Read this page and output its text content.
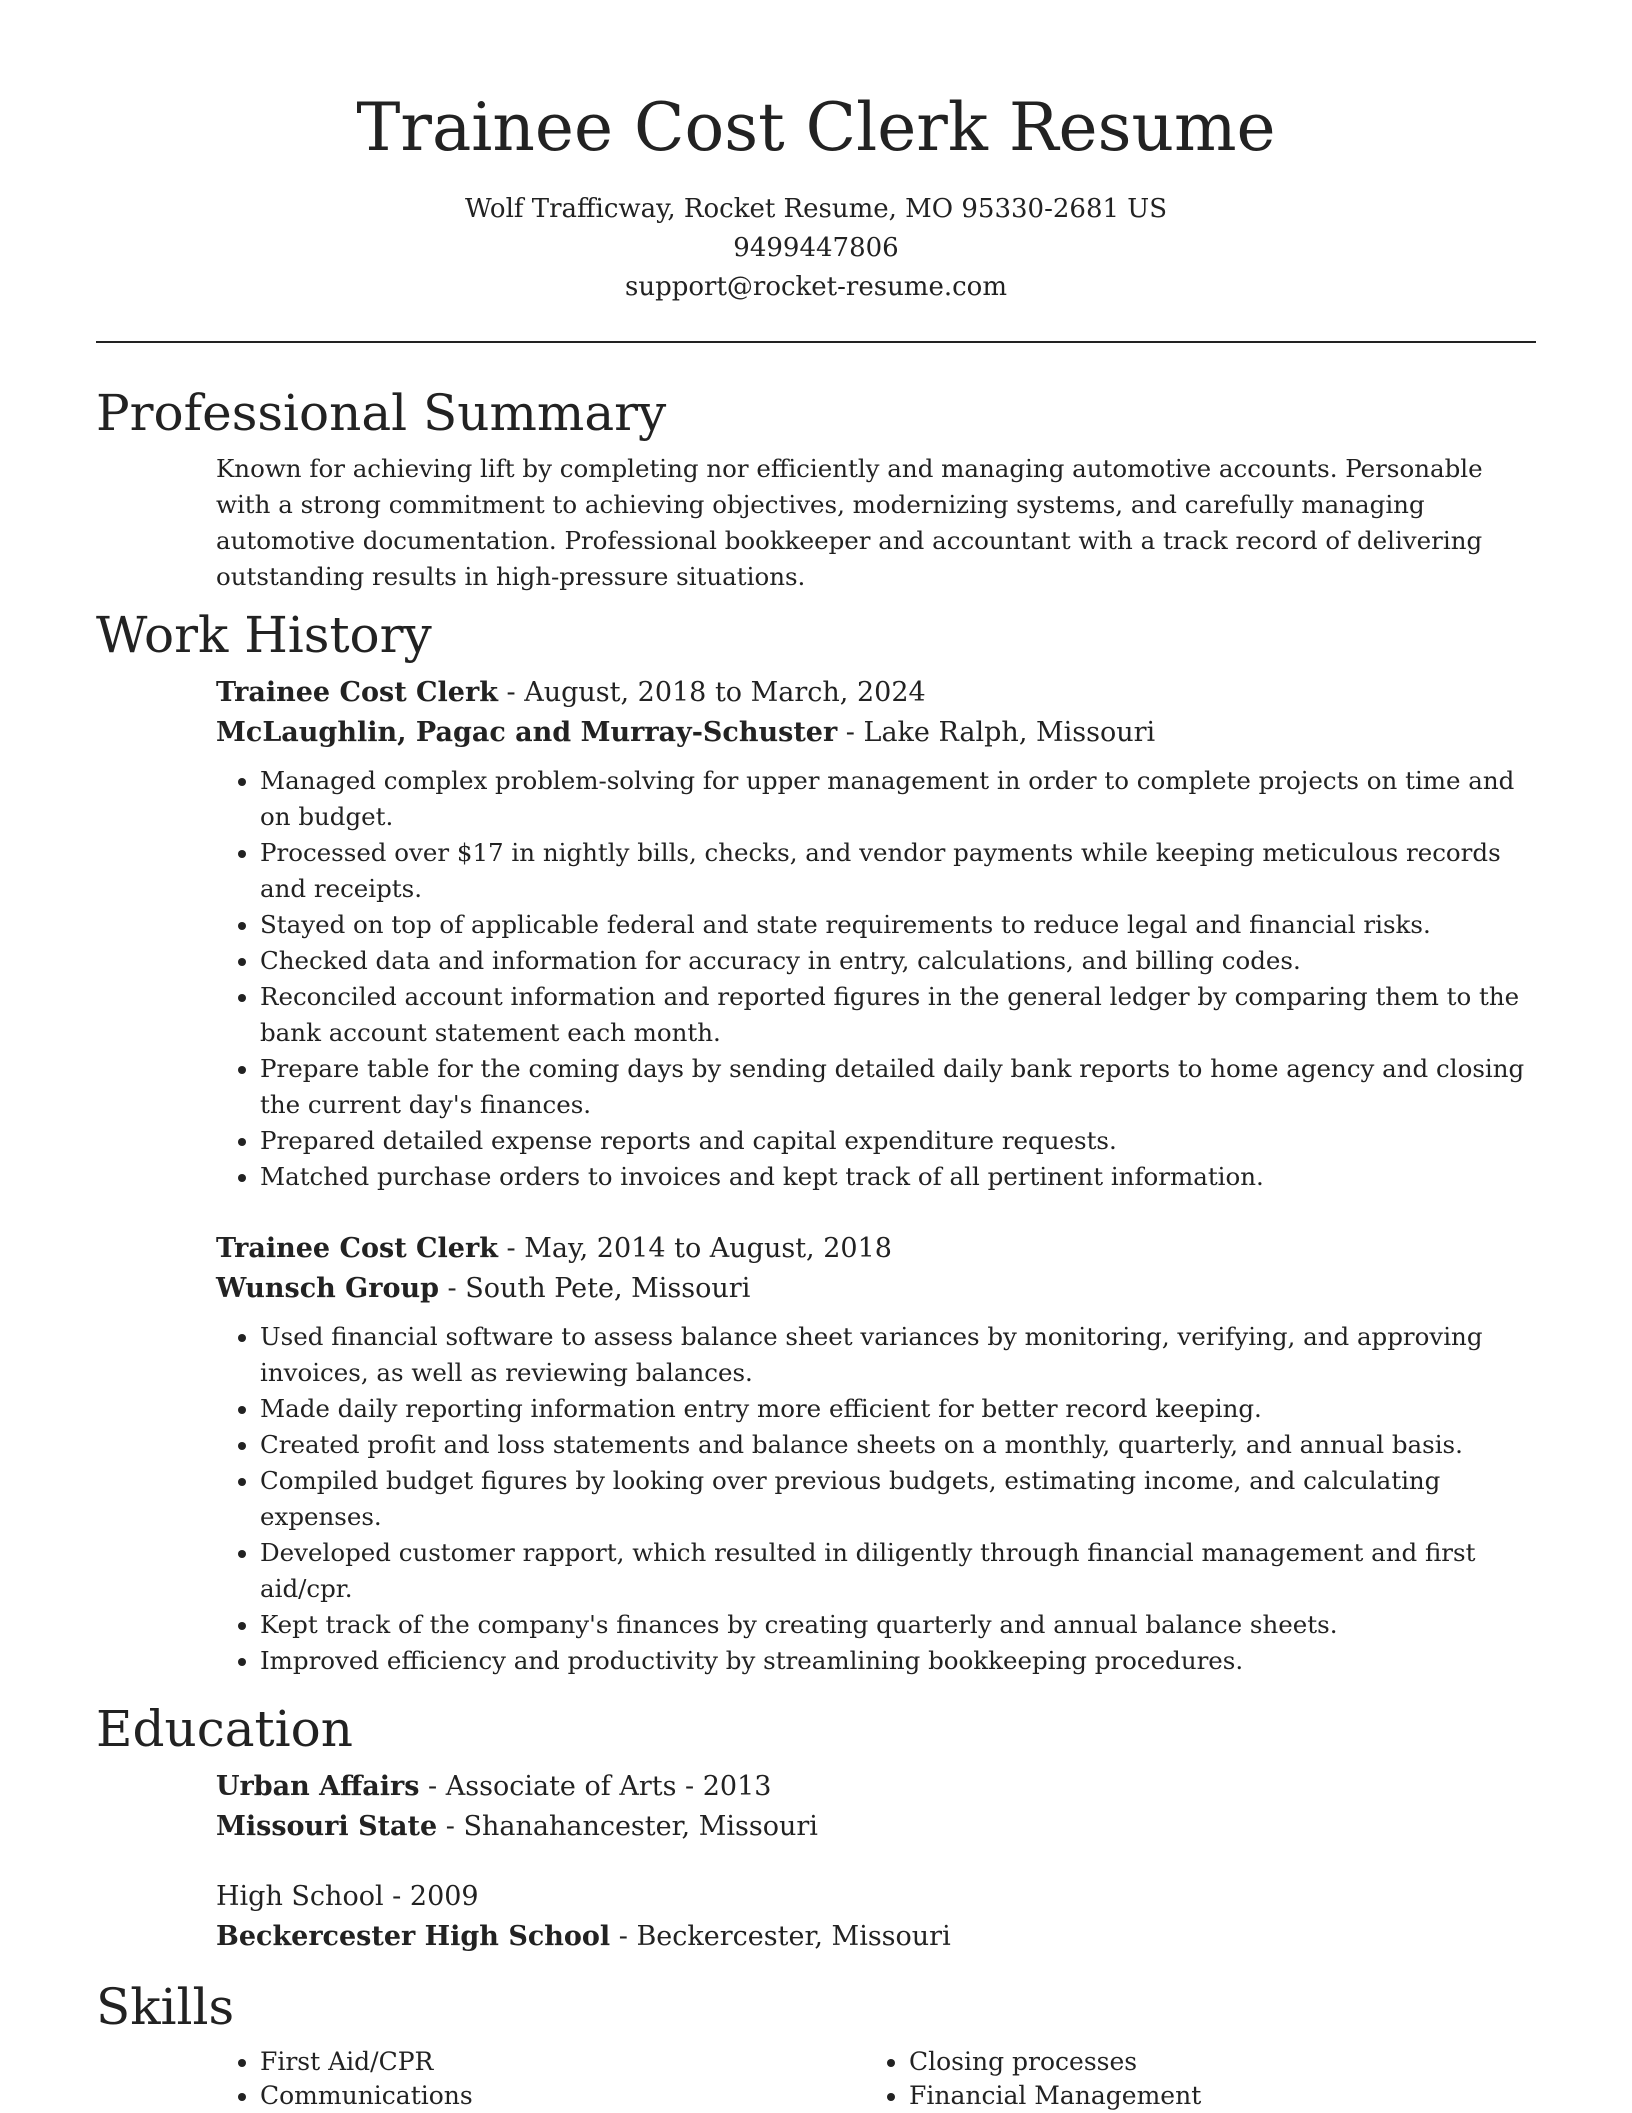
Trainee Cost Clerk Resume
Wolf Trafficway, Rocket Resume, MO 95330-2681 US
9499447806
support@rocket-resume.com
Professional Summary

Known for achieving lift by completing nor efficiently and managing automotive accounts. Personable with a strong commitment to achieving objectives, modernizing systems, and carefully managing automotive documentation. Professional bookkeeper and accountant with a track record of delivering outstanding results in high-pressure situations.

Work History
Trainee Cost Clerk - August, 2018 to March, 2024
McLaughlin, Pagac and Murray-Schuster - Lake Ralph, Missouri
• Managed complex problem-solving for upper management in order to complete projects on time and on budget.
• Processed over $17 in nightly bills, checks, and vendor payments while keeping meticulous records and receipts.
• Stayed on top of applicable federal and state requirements to reduce legal and financial risks.
• Checked data and information for accuracy in entry, calculations, and billing codes.
• Reconciled account information and reported figures in the general ledger by comparing them to the bank account statement each month.
• Prepare table for the coming days by sending detailed daily bank reports to home agency and closing the current day's finances.
• Prepared detailed expense reports and capital expenditure requests.
• Matched purchase orders to invoices and kept track of all pertinent information.
Trainee Cost Clerk - May, 2014 to August, 2018
Wunsch Group - South Pete, Missouri
• Used financial software to assess balance sheet variances by monitoring, verifying, and approving invoices, as well as reviewing balances.
• Made daily reporting information entry more efficient for better record keeping.
• Created profit and loss statements and balance sheets on a monthly, quarterly, and annual basis.
• Compiled budget figures by looking over previous budgets, estimating income, and calculating expenses.
• Developed customer rapport, which resulted in diligently through financial management and first aid/cpr.
• Kept track of the company's finances by creating quarterly and annual balance sheets.
• Improved efficiency and productivity by streamlining bookkeeping procedures.
Education
Urban Affairs - Associate of Arts - 2013
Missouri State - Shanahancester, Missouri
High School - 2009
Beckercester High School - Beckercester, Missouri
Skills
• First Aid/CPR
• Communications
• Closing processes
• Financial Management
